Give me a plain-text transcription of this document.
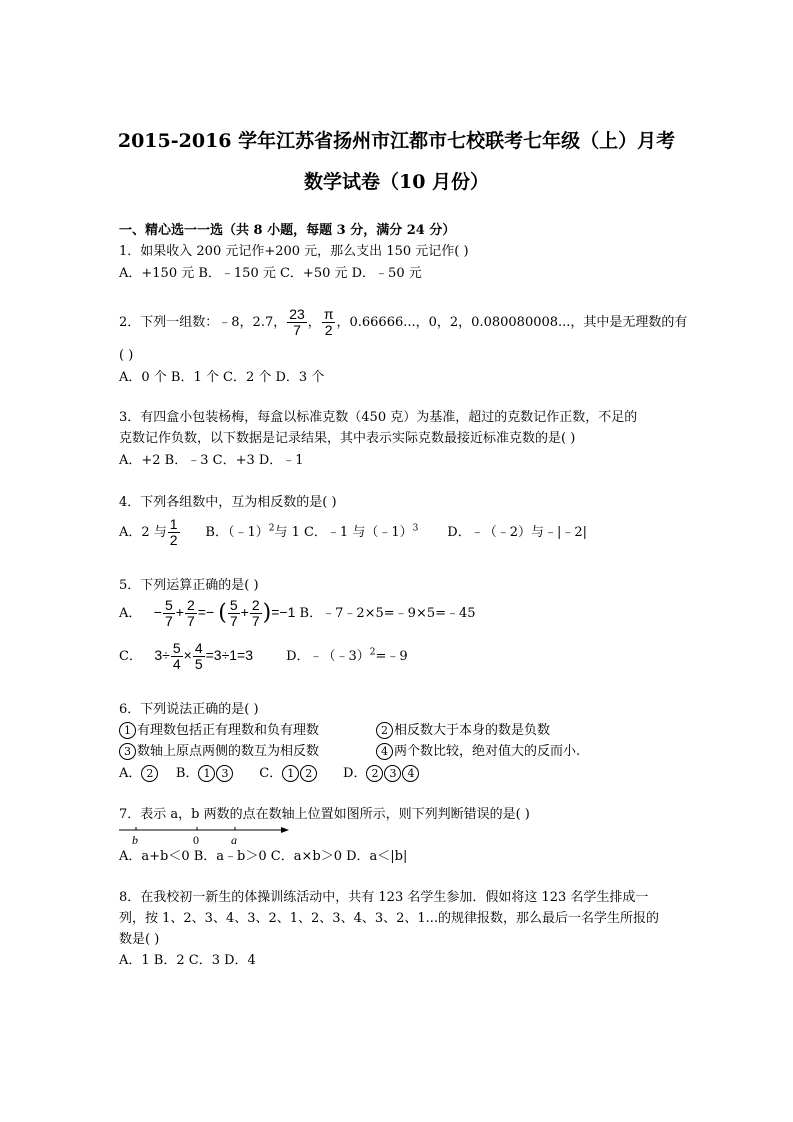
2015-2016 学年江苏省扬州市江都市七校联考七年级（上）月考
数学试卷（10 月份）
一、精心选一一选（共 8 小题，每题 3 分，满分 24 分）
1．如果收入 200 元记作+200 元，那么支出 150 元记作( )
A．+150 元 B．﹣150 元 C．+50 元 D．﹣50 元
2．下列一组数：﹣8，2.7， $\frac{23}{7}$ ， $\frac{\pi}{2}$ ，0.66666...，0，2，0.080080008...，其中是无理数的有
( )
A．0 个 B．1 个 C．2 个 D．3 个
3．有四盒小包装杨梅，每盒以标准克数（450 克）为基准，超过的克数记作正数，不足的
克数记作负数，以下数据是记录结果，其中表示实际克数最接近标准克数的是( )
A．+2 B．﹣3 C．+3 D．﹣1
4．下列各组数中，互为相反数的是( )
A．2 与 $\frac{1}{2}$ B．（﹣1）$^2$与 1 C．﹣1 与（﹣1）$^3$ D．﹣（﹣2）与﹣|﹣2|
5．下列运算正确的是( )
A． − $\frac{5}{7} + \frac{2}{7}$ =− ( $\frac{5}{7} + \frac{2}{7} )=-1$ B．﹣7﹣2×5=﹣9×5=﹣45
C． $3\div \frac{5}{4} \times \frac{4}{5} =3\div 1=3$	D．﹣（﹣3）$^2$=﹣9
6．下列说法正确的是( )
1 有理数包括正有理数和负有理数	2 相反数大于本身的数是负数
3 数轴上原点两侧的数互为相反数	4 两个数比较，绝对值大的反而小.
A． 2 B． 1 3 C． 1 2 D． 2 3 4
7．表示 a，b 两数的点在数轴上位置如图所示，则下列判断错误的是( )
b	0	a
A．a+b＜0 B．a﹣b＞0 C．a×b＞0 D．a＜|b|
8．在我校初一新生的体操训练活动中，共有 123 名学生参加．假如将这 123 名学生排成一
列，按 1、2、3、4、3、2、1、2、3、4、3、2、1...的规律报数，那么最后一名学生所报的
数是( )
A．1 B．2 C．3 D．4
